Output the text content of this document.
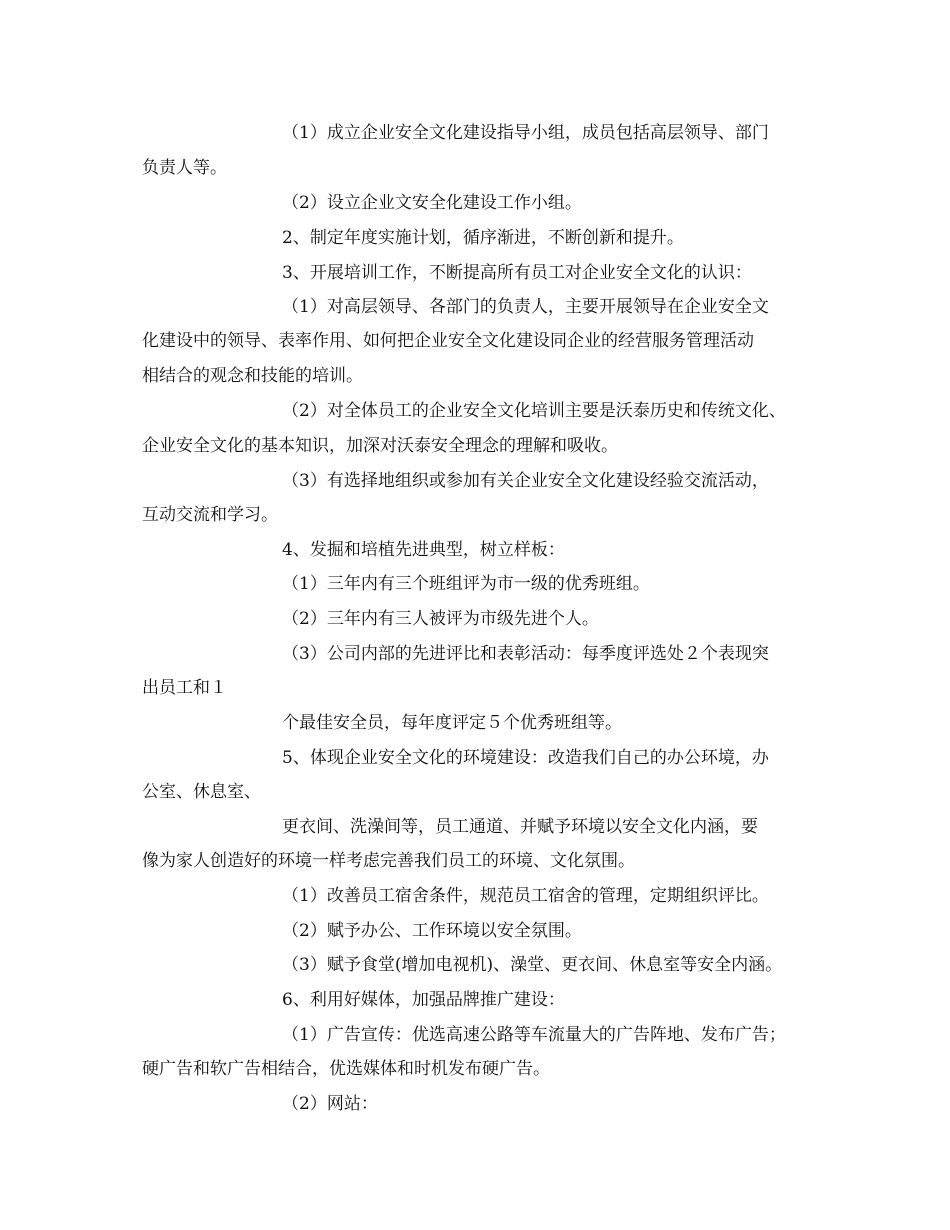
（1）成立企业安全文化建设指导小组，成员包括高层领导、部门
负责人等。
（2）设立企业文安全化建设工作小组。
2、制定年度实施计划，循序渐进，不断创新和提升。
3、开展培训工作，不断提高所有员工对企业安全文化的认识：
（1）对高层领导、各部门的负责人，主要开展领导在企业安全文
化建设中的领导、表率作用、如何把企业安全文化建设同企业的经营服务管理活动
相结合的观念和技能的培训。
（2）对全体员工的企业安全文化培训主要是沃泰历史和传统文化、
企业安全文化的基本知识，加深对沃泰安全理念的理解和吸收。
（3）有选择地组织或参加有关企业安全文化建设经验交流活动，
互动交流和学习。
4、发掘和培植先进典型，树立样板：
（1）三年内有三个班组评为市一级的优秀班组。
（2）三年内有三人被评为市级先进个人。
（3）公司内部的先进评比和表彰活动：每季度评选处２个表现突
出员工和１
个最佳安全员，每年度评定５个优秀班组等。
5、体现企业安全文化的环境建设：改造我们自己的办公环境，办
公室、休息室、
更衣间、洗澡间等，员工通道、并赋予环境以安全文化内涵，要
像为家人创造好的环境一样考虑完善我们员工的环境、文化氛围。
（1）改善员工宿舍条件，规范员工宿舍的管理，定期组织评比。
（2）赋予办公、工作环境以安全氛围。
（3）赋予食堂(增加电视机)、澡堂、更衣间、休息室等安全内涵。
6、利用好媒体，加强品牌推广建设：
（1）广告宣传：优选高速公路等车流量大的广告阵地、发布广告；
硬广告和软广告相结合，优选媒体和时机发布硬广告。
（2）网站：
